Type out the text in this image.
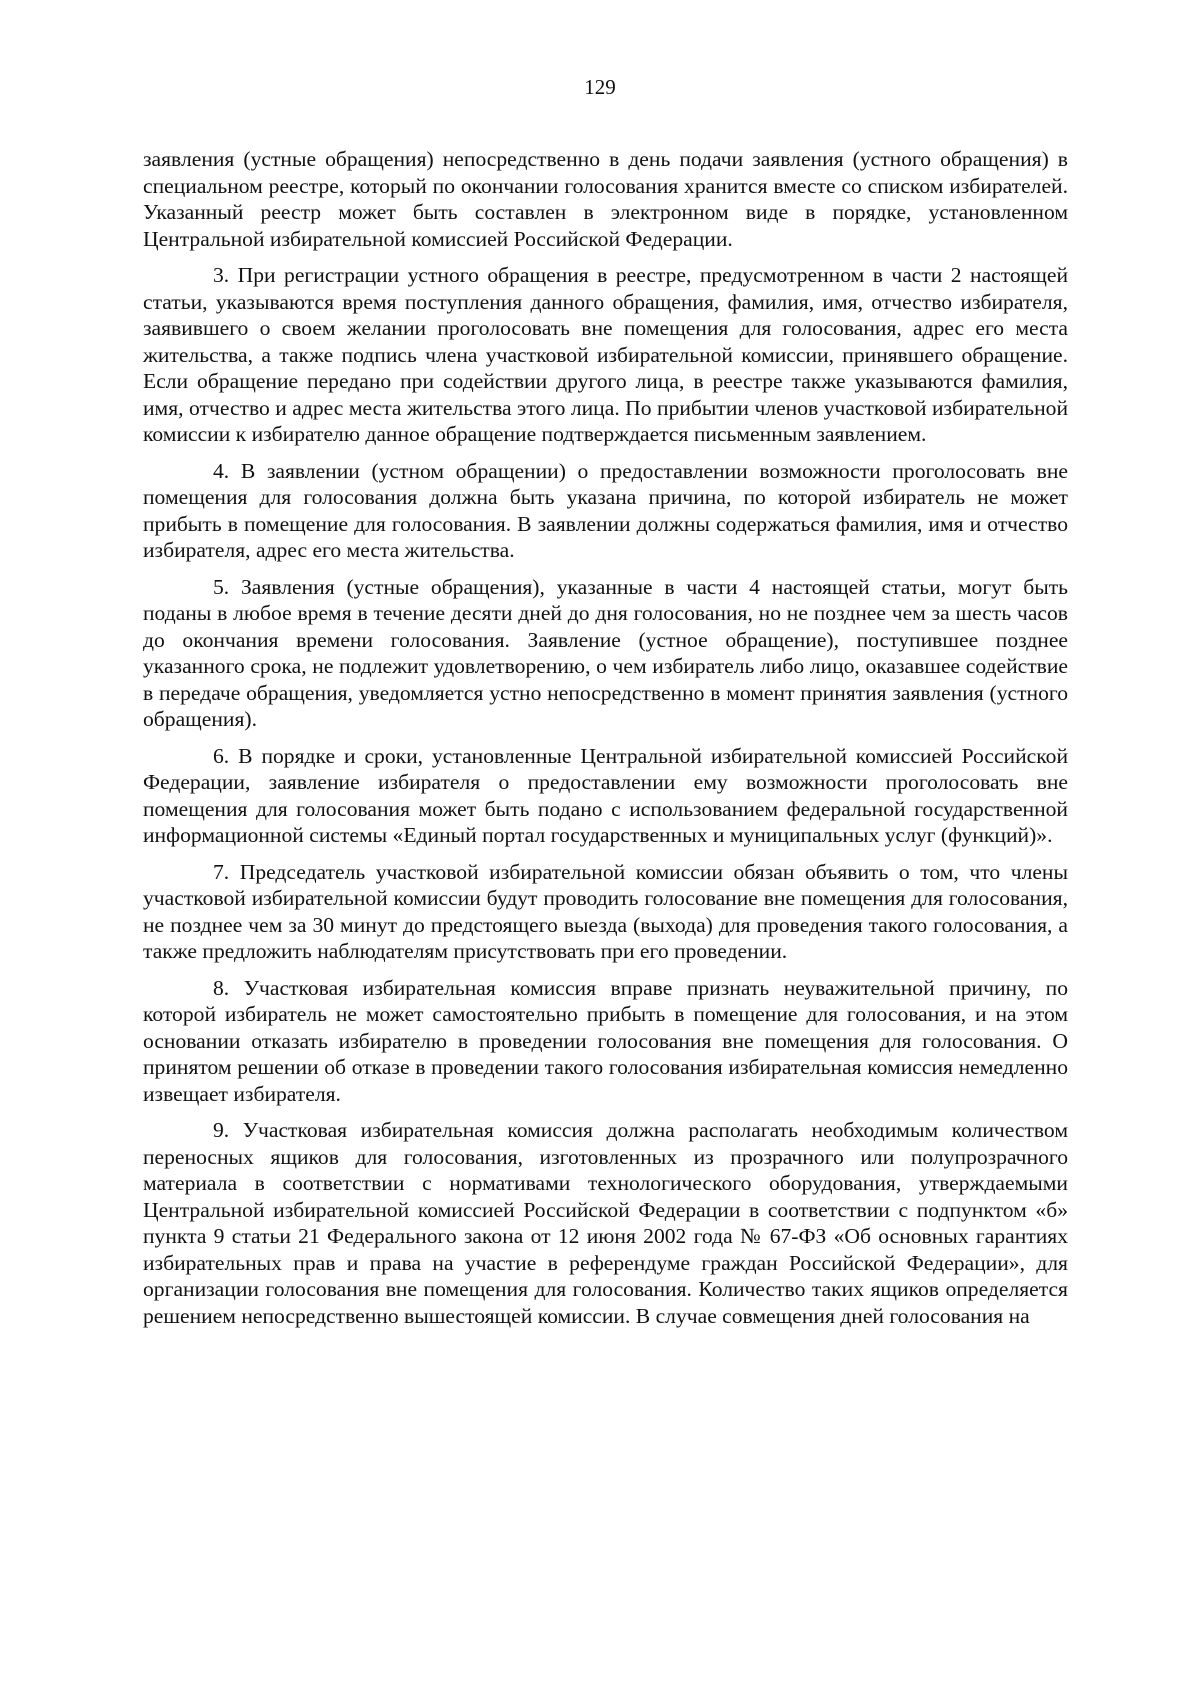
129

заявления (устные обращения) непосредственно в день подачи заявления (устного обращения) в специальном реестре, который по окончании голосования хранится вместе со списком избирателей. Указанный реестр может быть составлен в электронном виде в порядке, установленном Центральной избирательной комиссией Российской Федерации.

3. При регистрации устного обращения в реестре, предусмотренном в части 2 настоящей статьи, указываются время поступления данного обращения, фамилия, имя, отчество избирателя, заявившего о своем желании проголосовать вне помещения для голосования, адрес его места жительства, а также подпись члена участковой избирательной комиссии, принявшего обращение. Если обращение передано при содействии другого лица, в реестре также указываются фамилия, имя, отчество и адрес места жительства этого лица. По прибытии членов участковой избирательной комиссии к избирателю данное обращение подтверждается письменным заявлением.

4. В заявлении (устном обращении) о предоставлении возможности проголосовать вне помещения для голосования должна быть указана причина, по которой избиратель не может прибыть в помещение для голосования. В заявлении должны содержаться фамилия, имя и отчество избирателя, адрес его места жительства.

5. Заявления (устные обращения), указанные в части 4 настоящей статьи, могут быть поданы в любое время в течение десяти дней до дня голосования, но не позднее чем за шесть часов до окончания времени голосования. Заявление (устное обращение), поступившее позднее указанного срока, не подлежит удовлетворению, о чем избиратель либо лицо, оказавшее содействие в передаче обращения, уведомляется устно непосредственно в момент принятия заявления (устного обращения).

6. В порядке и сроки, установленные Центральной избирательной комиссией Российской Федерации, заявление избирателя о предоставлении ему возможности проголосовать вне помещения для голосования может быть подано с использованием федеральной государственной информационной системы «Единый портал государственных и муниципальных услуг (функций)».

7. Председатель участковой избирательной комиссии обязан объявить о том, что члены участковой избирательной комиссии будут проводить голосование вне помещения для голосования, не позднее чем за 30 минут до предстоящего выезда (выхода) для проведения такого голосования, а также предложить наблюдателям присутствовать при его проведении.

8. Участковая избирательная комиссия вправе признать неуважительной причину, по которой избиратель не может самостоятельно прибыть в помещение для голосования, и на этом основании отказать избирателю в проведении голосования вне помещения для голосования. О принятом решении об отказе в проведении такого голосования избирательная комиссия немедленно извещает избирателя.

9. Участковая избирательная комиссия должна располагать необходимым количеством переносных ящиков для голосования, изготовленных из прозрачного или полупрозрачного материала в соответствии с нормативами технологического оборудования, утверждаемыми Центральной избирательной комиссией Российской Федерации в соответствии с подпунктом «б» пункта 9 статьи 21 Федерального закона от 12 июня 2002 года № 67-ФЗ «Об основных гарантиях избирательных прав и права на участие в референдуме граждан Российской Федерации», для организации голосования вне помещения для голосования. Количество таких ящиков определяется решением непосредственно вышестоящей комиссии. В случае совмещения дней голосования на
